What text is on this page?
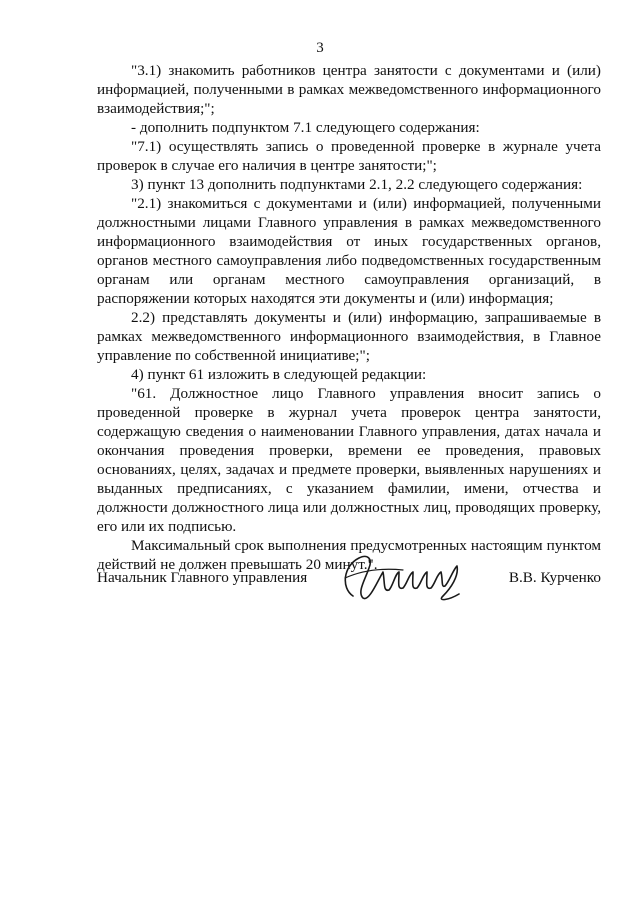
3

"3.1) знакомить работников центра занятости с документами и (или) информацией, полученными в рамках межведомственного информационного взаимодействия;";

- дополнить подпунктом 7.1 следующего содержания:

"7.1) осуществлять запись о проведенной проверке в журнале учета проверок в случае его наличия в центре занятости;";

3) пункт 13 дополнить подпунктами 2.1, 2.2 следующего содержания:

"2.1) знакомиться с документами и (или) информацией, полученными должностными лицами Главного управления в рамках межведомственного информационного взаимодействия от иных государственных органов, органов местного самоуправления либо подведомственных государственным органам или органам местного самоуправления организаций, в распоряжении которых находятся эти документы и (или) информация;

2.2) представлять документы и (или) информацию, запрашиваемые в рамках межведомственного информационного взаимодействия, в Главное управление по собственной инициативе;";

4) пункт 61 изложить в следующей редакции:

"61. Должностное лицо Главного управления вносит запись о проведенной проверке в журнал учета проверок центра занятости, содержащую сведения о наименовании Главного управления, датах начала и окончания проведения проверки, времени ее проведения, правовых основаниях, целях, задачах и предмете проверки, выявленных нарушениях и выданных предписаниях, с указанием фамилии, имени, отчества и должности должностного лица или должностных лиц, проводящих проверку, его или их подписью.

Максимальный срок выполнения предусмотренных настоящим пунктом действий не должен превышать 20 минут.".

Начальник Главного управления	В.В. Курченко
